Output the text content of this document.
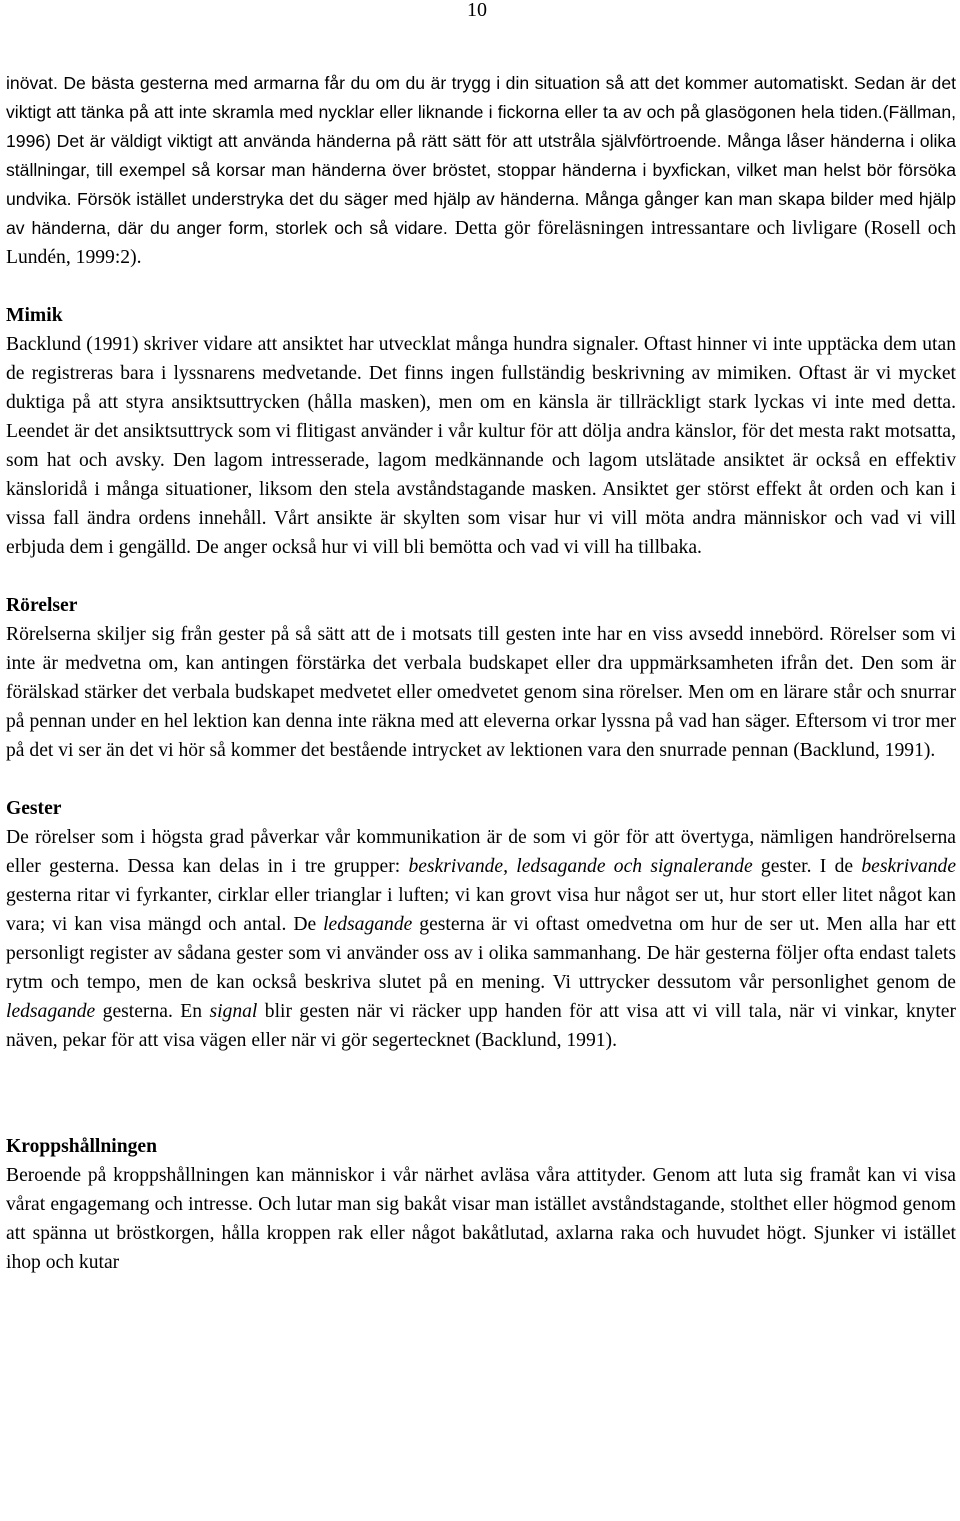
10

inövat. De bästa gesterna med armarna får du om du är trygg i din situation så att det kommer automatiskt. Sedan är det viktigt att tänka på att inte skramla med nycklar eller liknande i fickorna eller ta av och på glasögonen hela tiden.(Fällman, 1996) Det är väldigt viktigt att använda händerna på rätt sätt för att utstråla självförtroende. Många låser händerna i olika ställningar, till exempel så korsar man händerna över bröstet, stoppar händerna i byxfickan, vilket man helst bör försöka undvika. Försök istället understryka det du säger med hjälp av händerna. Många gånger kan man skapa bilder med hjälp av händerna, där du anger form, storlek och så vidare. Detta gör föreläsningen intressantare och livligare (Rosell och Lundén, 1999:2).

Mimik

Backlund (1991) skriver vidare att ansiktet har utvecklat många hundra signaler. Oftast hinner vi inte upptäcka dem utan de registreras bara i lyssnarens medvetande. Det finns ingen fullständig beskrivning av mimiken. Oftast är vi mycket duktiga på att styra ansiktsuttrycken (hålla masken), men om en känsla är tillräckligt stark lyckas vi inte med detta. Leendet är det ansiktsuttryck som vi flitigast använder i vår kultur för att dölja andra känslor, för det mesta rakt motsatta, som hat och avsky. Den lagom intresserade, lagom medkännande och lagom utslätade ansiktet är också en effektiv känsloridå i många situationer, liksom den stela avståndstagande masken. Ansiktet ger störst effekt åt orden och kan i vissa fall ändra ordens innehåll. Vårt ansikte är skylten som visar hur vi vill möta andra människor och vad vi vill erbjuda dem i gengälld. De anger också hur vi vill bli bemötta och vad vi vill ha tillbaka.

Rörelser

Rörelserna skiljer sig från gester på så sätt att de i motsats till gesten inte har en viss avsedd innebörd. Rörelser som vi inte är medvetna om, kan antingen förstärka det verbala budskapet eller dra uppmärksamheten ifrån det. Den som är förälskad stärker det verbala budskapet medvetet eller omedvetet genom sina rörelser. Men om en lärare står och snurrar på pennan under en hel lektion kan denna inte räkna med att eleverna orkar lyssna på vad han säger. Eftersom vi tror mer på det vi ser än det vi hör så kommer det bestående intrycket av lektionen vara den snurrade pennan (Backlund, 1991).

Gester

De rörelser som i högsta grad påverkar vår kommunikation är de som vi gör för att övertyga, nämligen handrörelserna eller gesterna. Dessa kan delas in i tre grupper: beskrivande, ledsagande och signalerande gester. I de beskrivande gesterna ritar vi fyrkanter, cirklar eller trianglar i luften; vi kan grovt visa hur något ser ut, hur stort eller litet något kan vara; vi kan visa mängd och antal. De ledsagande gesterna är vi oftast omedvetna om hur de ser ut. Men alla har ett personligt register av sådana gester som vi använder oss av i olika sammanhang. De här gesterna följer ofta endast talets rytm och tempo, men de kan också beskriva slutet på en mening. Vi uttrycker dessutom vår personlighet genom de ledsagande gesterna. En signal blir gesten när vi räcker upp handen för att visa att vi vill tala, när vi vinkar, knyter näven, pekar för att visa vägen eller när vi gör segertecknet (Backlund, 1991).

Kroppshållningen

Beroende på kroppshållningen kan människor i vår närhet avläsa våra attityder. Genom att luta sig framåt kan vi visa vårat engagemang och intresse. Och lutar man sig bakåt visar man istället avståndstagande, stolthet eller högmod genom att spänna ut bröstkorgen, hålla kroppen rak eller något bakåtlutad, axlarna raka och huvudet högt. Sjunker vi istället ihop och kutar
